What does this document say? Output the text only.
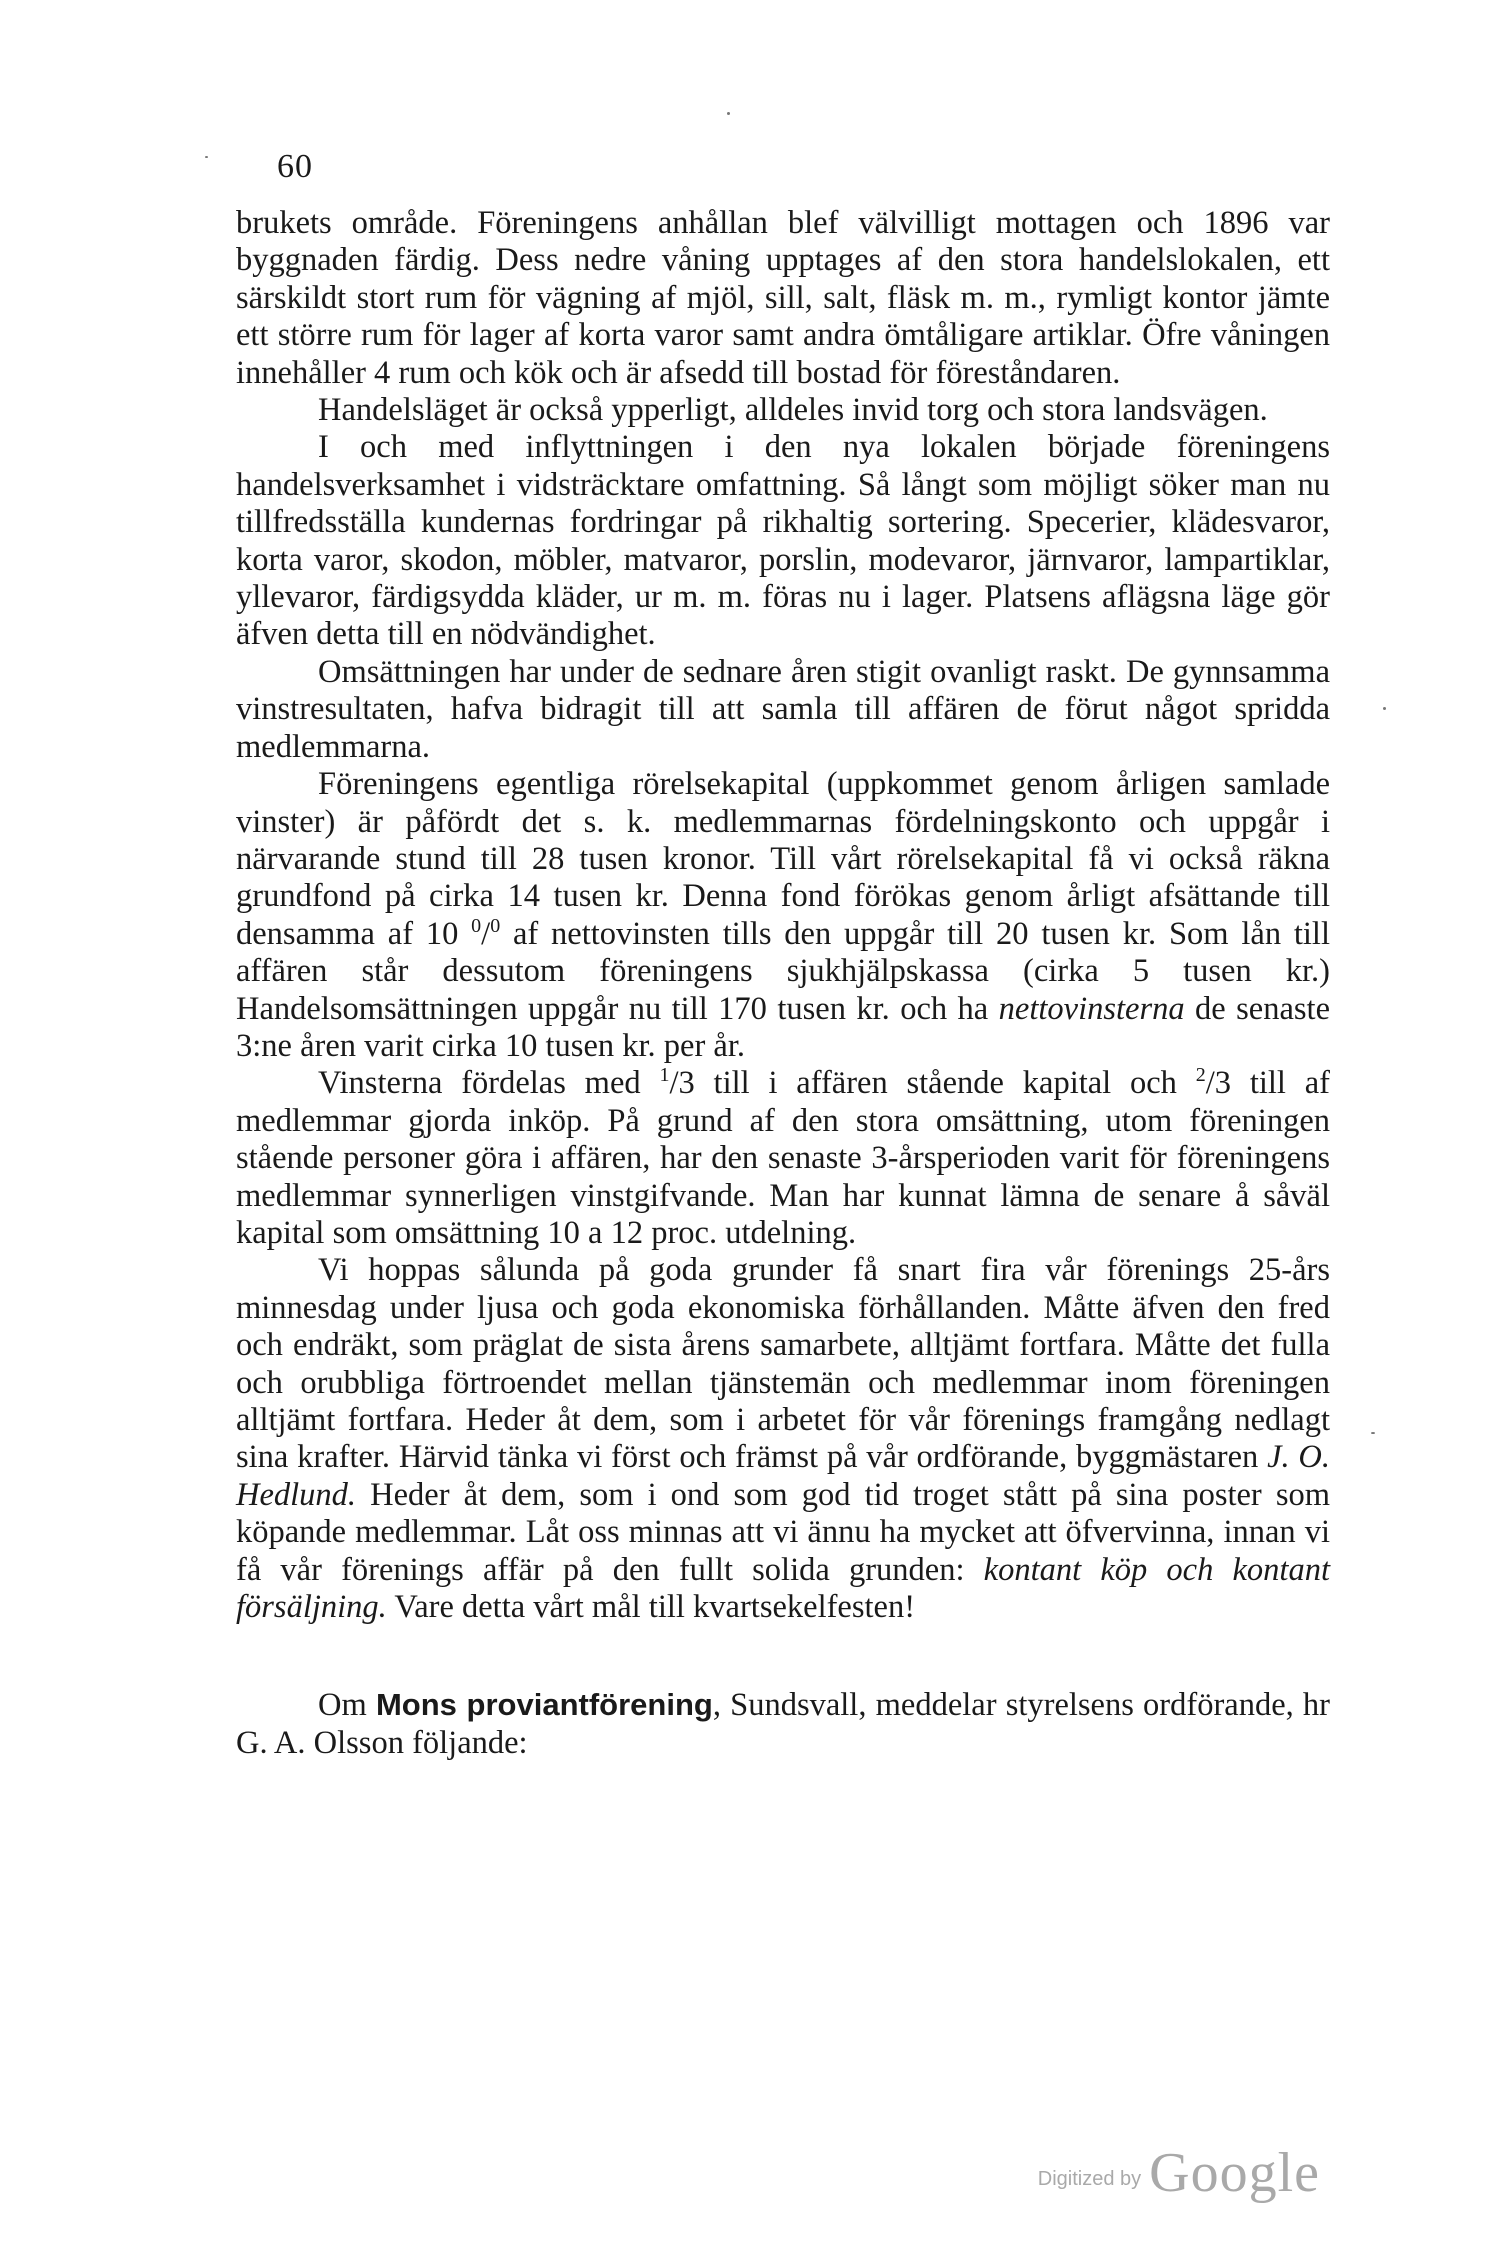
60

brukets område. Föreningens anhållan blef välvilligt mottagen och 1896 var byggnaden färdig. Dess nedre våning upptages af den stora handelslokalen, ett särskildt stort rum för vägning af mjöl, sill, salt, fläsk m. m., rymligt kontor jämte ett större rum för lager af korta varor samt andra ömtåligare artiklar. Öfre våningen innehåller 4 rum och kök och är afsedd till bostad för föreståndaren.

Handelsläget är också ypperligt, alldeles invid torg och stora landsvägen.

I och med inflyttningen i den nya lokalen började föreningens handelsverksamhet i vidsträcktare omfattning. Så långt som möjligt söker man nu tillfredsställa kundernas fordringar på rikhaltig sortering. Specerier, klädesvaror, korta varor, skodon, möbler, matvaror, porslin, modevaror, järnvaror, lampartiklar, yllevaror, färdigsydda kläder, ur m. m. föras nu i lager. Platsens aflägsna läge gör äfven detta till en nödvändighet.

Omsättningen har under de sednare åren stigit ovanligt raskt. De gynnsamma vinstresultaten, hafva bidragit till att samla till affären de förut något spridda medlemmarna.

Föreningens egentliga rörelsekapital (uppkommet genom årligen samlade vinster) är påfördt det s. k. medlemmarnas fördelningskonto och uppgår i närvarande stund till 28 tusen kronor. Till vårt rörelsekapital få vi också räkna grundfond på cirka 14 tusen kr. Denna fond förökas genom årligt afsättande till densamma af 10 $^0$/$^0$ af nettovinsten tills den uppgår till 20 tusen kr. Som lån till affären står dessutom föreningens sjukhjälpskassa (cirka 5 tusen kr.) Handelsomsättningen uppgår nu till 170 tusen kr. och ha nettovinsterna de senaste 3:ne åren varit cirka 10 tusen kr. per år.

Vinsterna fördelas med $^1$/3 till i affären stående kapital och $^2$/3 till af medlemmar gjorda inköp. På grund af den stora omsättning, utom föreningen stående personer göra i affären, har den senaste 3-årsperioden varit för föreningens medlemmar synnerligen vinstgifvande. Man har kunnat lämna de senare å såväl kapital som omsättning 10 a 12 proc. utdelning.

Vi hoppas sålunda på goda grunder få snart fira vår förenings 25-års minnesdag under ljusa och goda ekonomiska förhållanden. Måtte äfven den fred och endräkt, som präglat de sista årens samarbete, alltjämt fortfara. Måtte det fulla och orubbliga förtroendet mellan tjänstemän och medlemmar inom föreningen alltjämt fortfara. Heder åt dem, som i arbetet för vår förenings framgång nedlagt sina krafter. Härvid tänka vi först och främst på vår ordförande, byggmästaren J. O. Hedlund. Heder åt dem, som i ond som god tid troget stått på sina poster som köpande medlemmar. Låt oss minnas att vi ännu ha mycket att öfvervinna, innan vi få vår förenings affär på den fullt solida grunden: kontant köp och kontant försäljning. Vare detta vårt mål till kvartsekelfesten!

Om Mons proviantförening, Sundsvall, meddelar styrelsens ordförande, hr G. A. Olsson följande:

Digitized by Google
